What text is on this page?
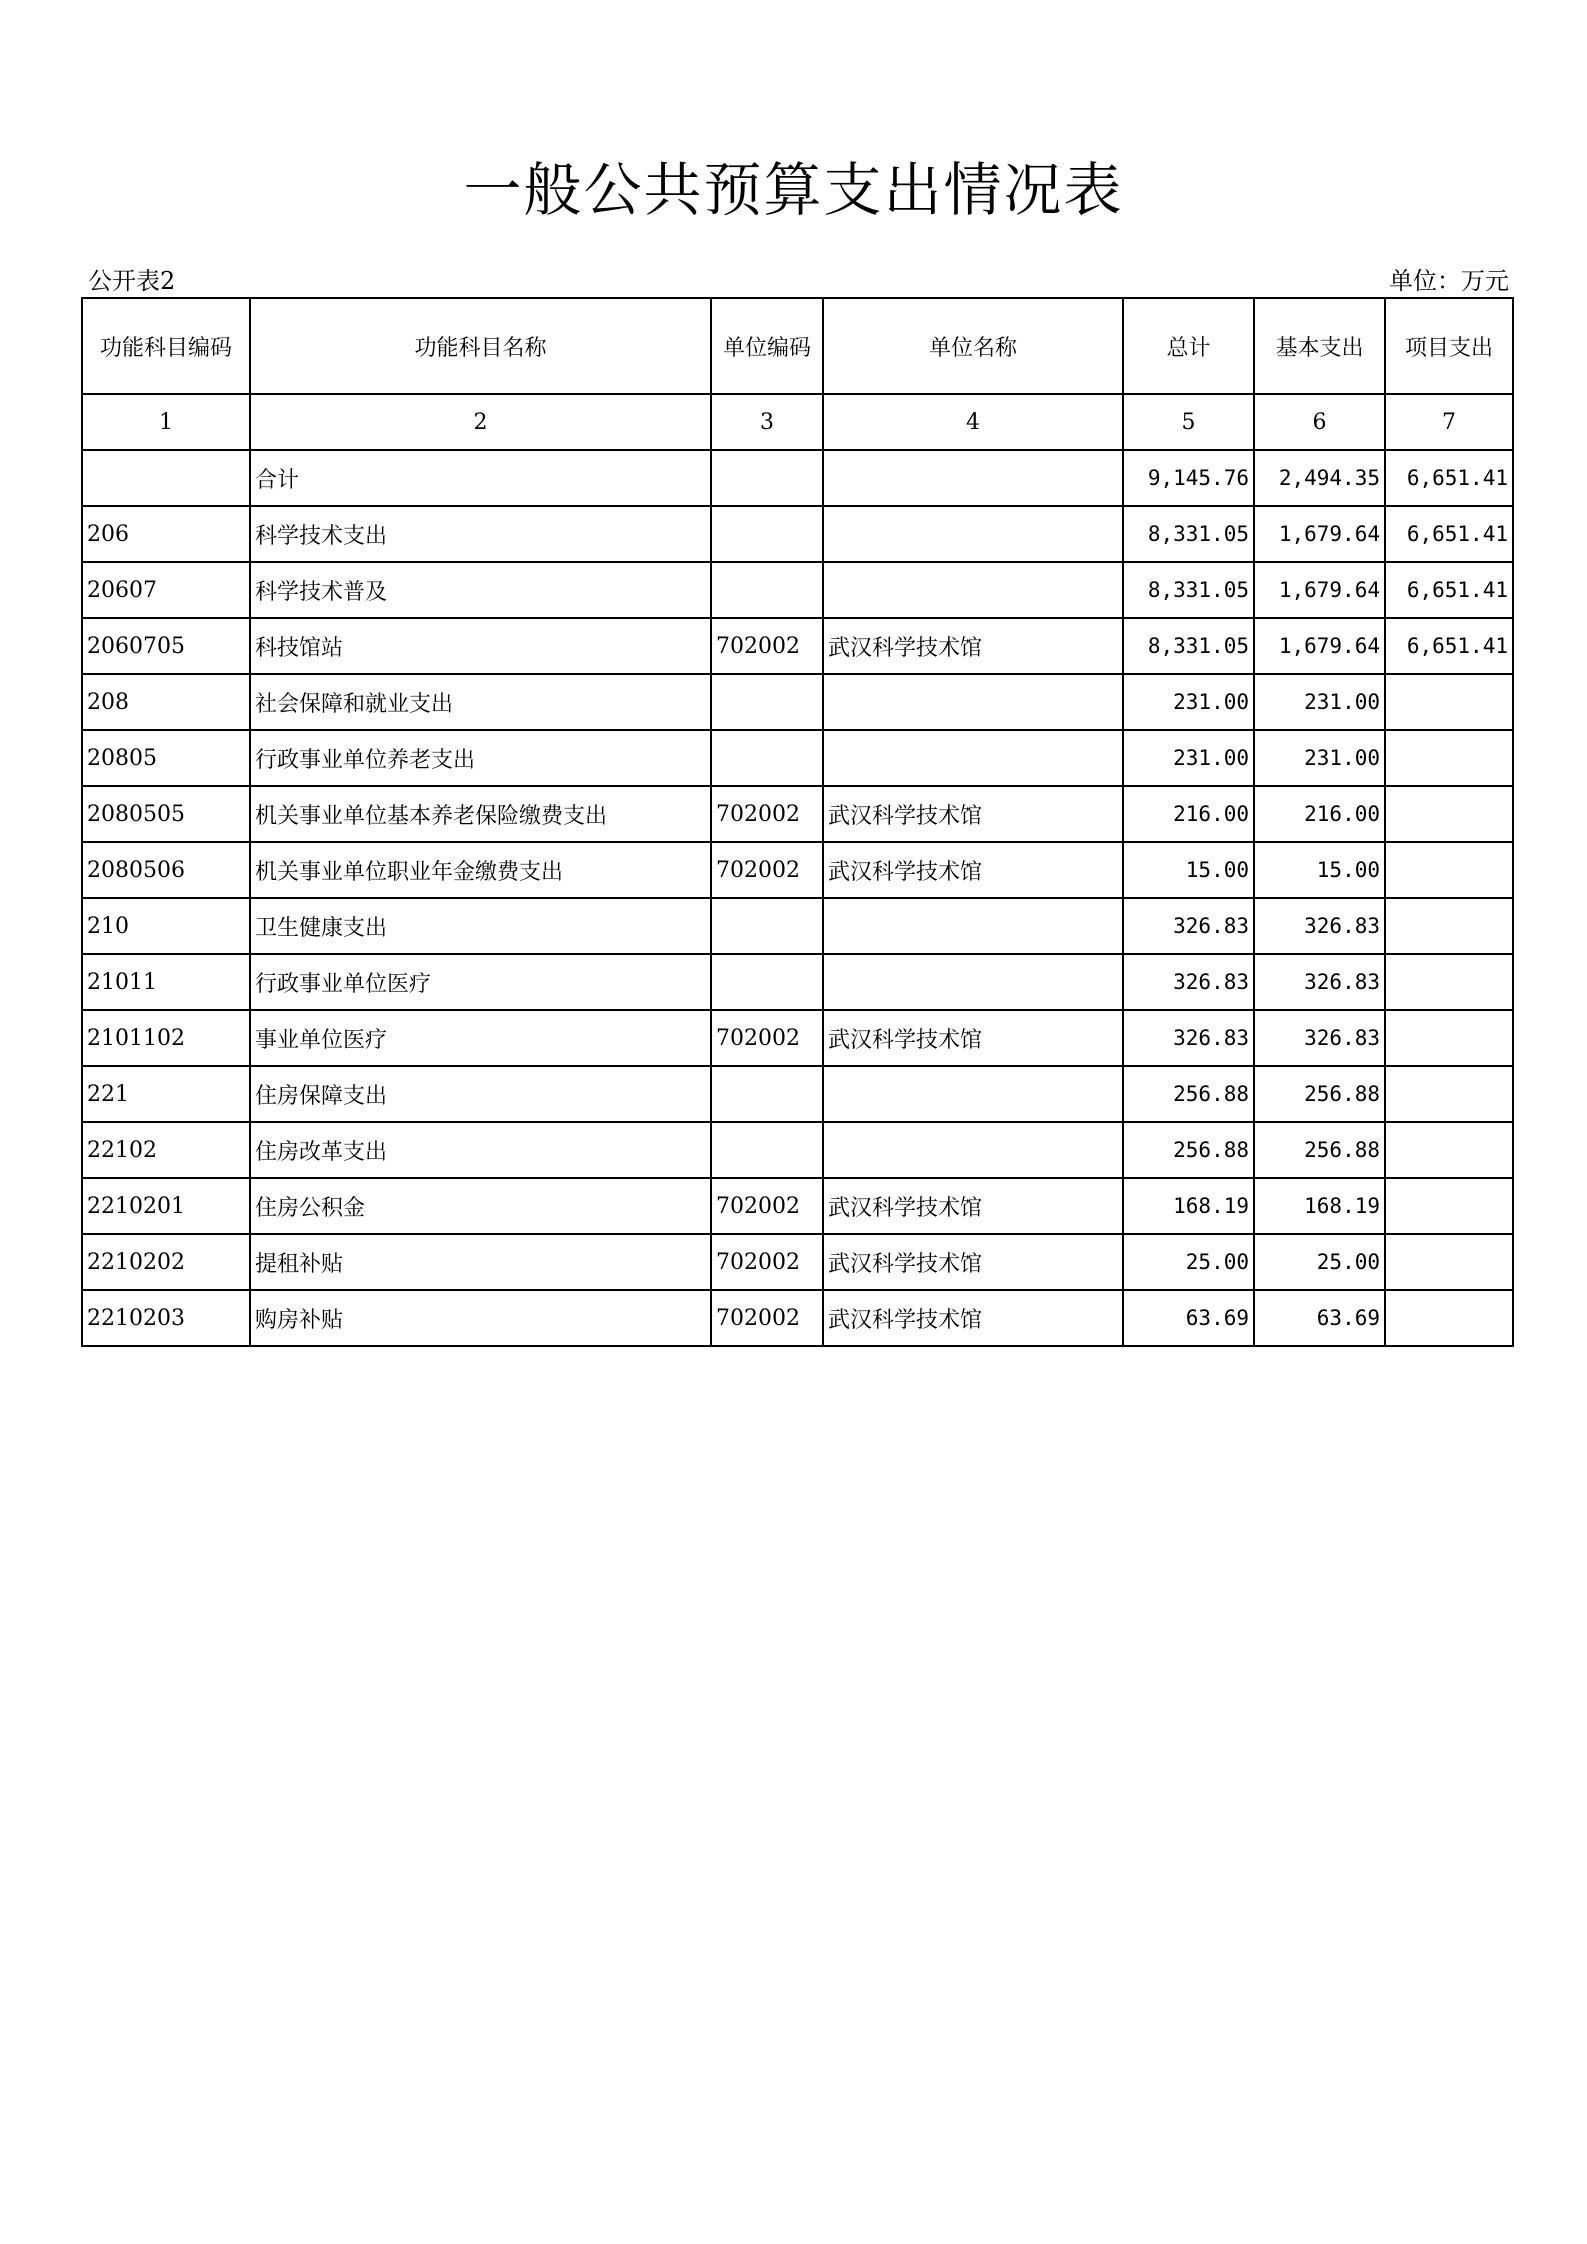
一般公共预算支出情况表
公开表2	单位：万元
功能科目编码	功能科目名称	单位编码	单位名称	总计	基本支出	项目支出
1	2	3	4	5	6	7
	合计			9,145.76	2,494.35	6,651.41
206	科学技术支出			8,331.05	1,679.64	6,651.41
20607	科学技术普及			8,331.05	1,679.64	6,651.41
2060705	科技馆站	702002	武汉科学技术馆	8,331.05	1,679.64	6,651.41
208	社会保障和就业支出			231.00	231.00	
20805	行政事业单位养老支出			231.00	231.00	
2080505	机关事业单位基本养老保险缴费支出	702002	武汉科学技术馆	216.00	216.00	
2080506	机关事业单位职业年金缴费支出	702002	武汉科学技术馆	15.00	15.00	
210	卫生健康支出			326.83	326.83	
21011	行政事业单位医疗			326.83	326.83	
2101102	事业单位医疗	702002	武汉科学技术馆	326.83	326.83	
221	住房保障支出			256.88	256.88	
22102	住房改革支出			256.88	256.88	
2210201	住房公积金	702002	武汉科学技术馆	168.19	168.19	
2210202	提租补贴	702002	武汉科学技术馆	25.00	25.00	
2210203	购房补贴	702002	武汉科学技术馆	63.69	63.69	
